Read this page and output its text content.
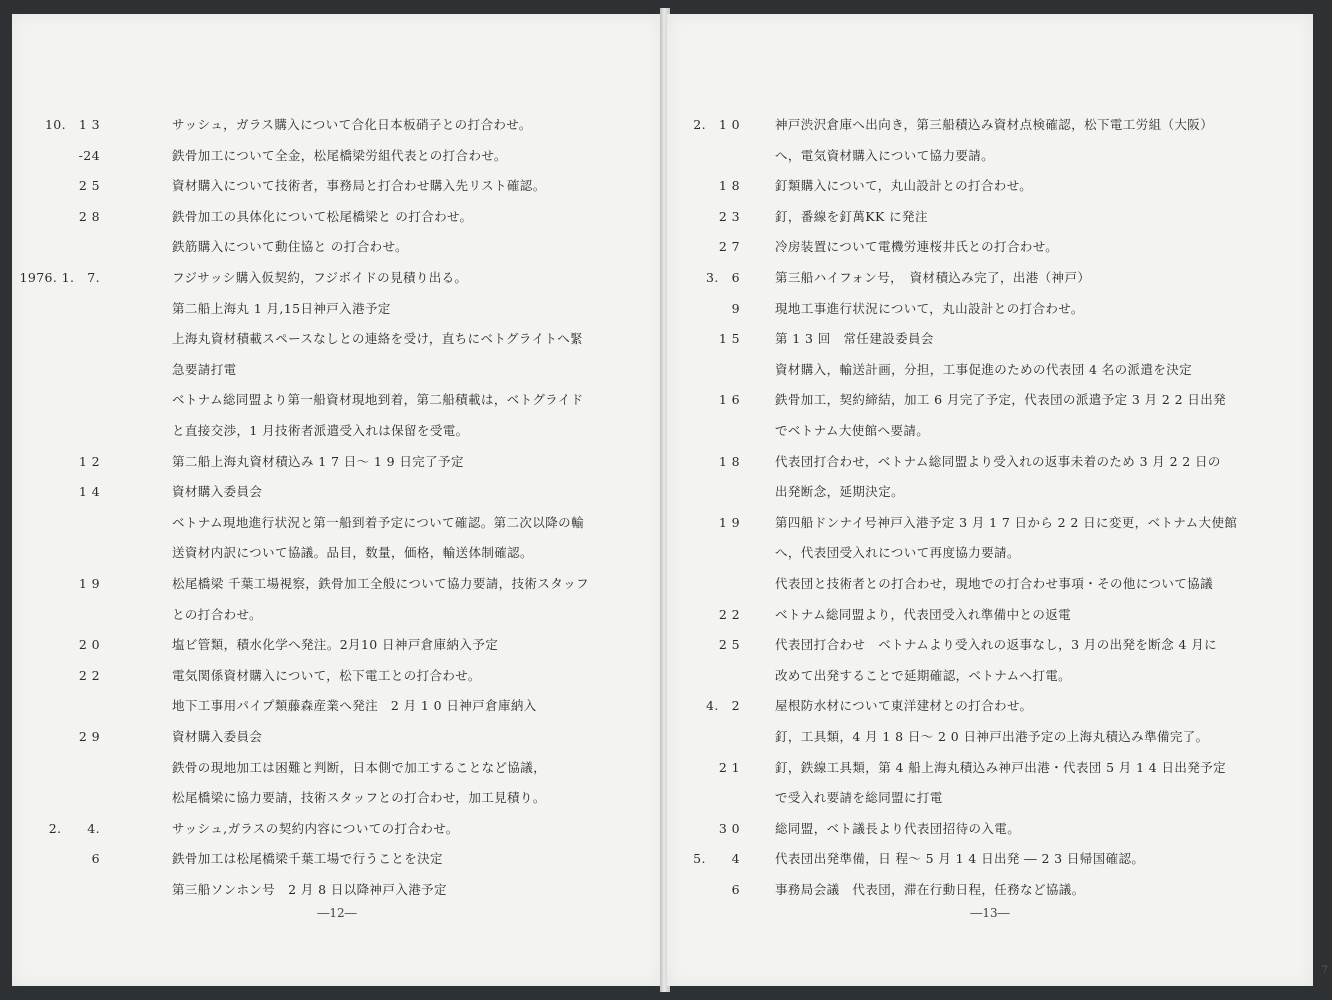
10.　1 3	サッシュ，ガラス購入について合化日本板硝子との打合わせ。
-24	鉄骨加工について全金，松尾橋梁労組代表との打合わせ。
2 5	資材購入について技術者，事務局と打合わせ購入先リスト確認。
2 8	鉄骨加工の具体化について松尾橋梁と の打合わせ。
鉄筋購入について動住協と の打合わせ。
1976. 1.　7.	フジサッシ購入仮契約，フジボイドの見積り出る。
第二船上海丸 1 月,15日神戸入港予定
上海丸資材積載スペースなしとの連絡を受け，直ちにベトグライトへ緊
急要請打電
ベトナム総同盟より第一船資材現地到着，第二船積載は，ベトグライド
と直接交渉，1 月技術者派遣受入れは保留を受電。
1 2	第二船上海丸資材積込み 1 7 日～ 1 9 日完了予定
1 4	資材購入委員会
ベトナム現地進行状況と第一船到着予定について確認。第二次以降の輸
送資材内訳について協議。品目，数量，価格，輸送体制確認。
1 9	松尾橋梁 千葉工場視察，鉄骨加工全般について協力要請，技術スタッフ
との打合わせ。
2 0	塩ビ管類，積水化学へ発注。2月10 日神戸倉庫納入予定
2 2	電気関係資材購入について，松下電工との打合わせ。
地下工事用パイプ類藤森産業へ発注　2 月 1 0 日神戸倉庫納入
2 9	資材購入委員会
鉄骨の現地加工は困難と判断，日本側で加工することなど協議，
松尾橋梁に協力要請，技術スタッフとの打合わせ，加工見積り。
2.　　4.	サッシュ,ガラスの契約内容についての打合わせ。
6	鉄骨加工は松尾橋梁千葉工場で行うことを決定
第三船ソンホン号　2 月 8 日以降神戸入港予定
―12―
2.　1 0	神戸渋沢倉庫へ出向き，第三船積込み資材点検確認，松下電工労組（大阪）
へ，電気資材購入について協力要請。
1 8	釘類購入について，丸山設計との打合わせ。
2 3	釘，番線を釘萬KK に発注
2 7	冷房装置について電機労連桜井氏との打合わせ。
3.　6	第三船ハイフォン号，　資材積込み完了，出港（神戸）
9	現地工事進行状況について，丸山設計との打合わせ。
1 5	第 1 3 回　常任建設委員会
資材購入，輸送計画，分担，工事促進のための代表団 4 名の派遣を決定
1 6	鉄骨加工，契約締結，加工 6 月完了予定，代表団の派遣予定 3 月 2 2 日出発
でベトナム大使館へ要請。
1 8	代表団打合わせ，ベトナム総同盟より受入れの返事未着のため 3 月 2 2 日の
出発断念，延期決定。
1 9	第四船ドンナイ号神戸入港予定 3 月 1 7 日から 2 2 日に変更，ベトナム大使館
へ，代表団受入れについて再度協力要請。
代表団と技術者との打合わせ，現地での打合わせ事項・その他について協議
2 2	ベトナム総同盟より，代表団受入れ準備中との返電
2 5	代表団打合わせ　ベトナムより受入れの返事なし，3 月の出発を断念 4 月に
改めて出発することで延期確認，ベトナムへ打電。
4.　2	屋根防水材について東洋建材との打合わせ。
釘，工具類，4 月 1 8 日～ 2 0 日神戸出港予定の上海丸積込み準備完了。
2 1	釘，鉄線工具類，第 4 船上海丸積込み神戸出港・代表団 5 月 1 4 日出発予定
で受入れ要請を総同盟に打電
3 0	総同盟，ベト議長より代表団招待の入電。
5.　　4	代表団出発準備，日 程～ 5 月 1 4 日出発 ― 2 3 日帰国確認。
6	事務局会議　代表団，滞在行動日程，任務など協議。
―13―
7
